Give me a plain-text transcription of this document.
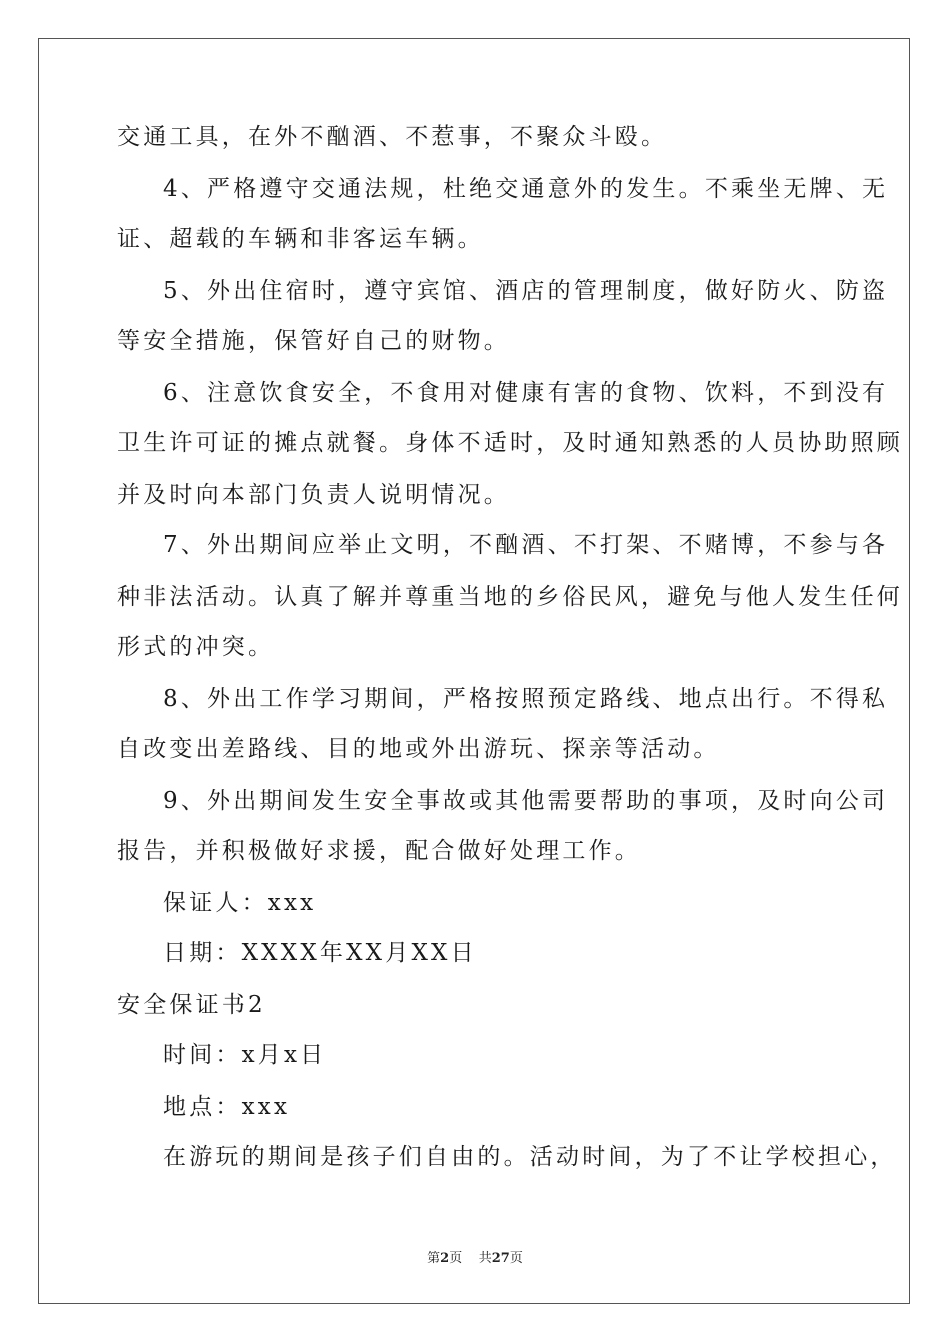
交通工具，在外不酗酒、不惹事，不聚众斗殴。
4、严格遵守交通法规，杜绝交通意外的发生。不乘坐无牌、无
证、超载的车辆和非客运车辆。
5、外出住宿时，遵守宾馆、酒店的管理制度，做好防火、防盗
等安全措施，保管好自己的财物。
6、注意饮食安全，不食用对健康有害的食物、饮料，不到没有
卫生许可证的摊点就餐。身体不适时，及时通知熟悉的人员协助照顾
并及时向本部门负责人说明情况。
7、外出期间应举止文明，不酗酒、不打架、不赌博，不参与各
种非法活动。认真了解并尊重当地的乡俗民风，避免与他人发生任何
形式的冲突。
8、外出工作学习期间，严格按照预定路线、地点出行。不得私
自改变出差路线、目的地或外出游玩、探亲等活动。
9、外出期间发生安全事故或其他需要帮助的事项，及时向公司
报告，并积极做好求援，配合做好处理工作。
保证人：xxx
日期：XXXX年XX月XX日
安全保证书2
时间：x月x日
地点：xxx
在游玩的期间是孩子们自由的。活动时间，为了不让学校担心，
第2页 共27页
